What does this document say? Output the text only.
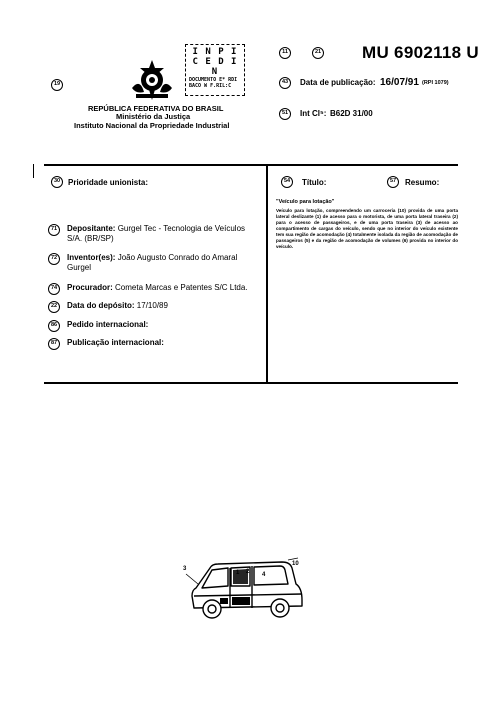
11	21 MU 6902118 U
19
REPÚBLICA FEDERATIVA DO BRASIL
Ministério da Justiça
Instituto Nacional da Propriedade Industrial
I N P I
C E D I N
DOCUMENTO E* RDI
BACO W F.RIL:C
43	Data de publicação: 16/07/91 (RPI 1079)
51	Int Cl⁵: B62D 31/00
30 Prioridade unionista:
71	Depositante: Gurgel Tec - Tecnologia de Veículos S/A. (BR/SP)
72	Inventor(es): João Augusto Conrado do Amaral Gurgel
74	Procurador: Cometa Marcas e Patentes S/C Ltda.
22	Data do depósito: 17/10/89
86	Pedido internacional:
87	Publicação internacional:
54	Título:	57	Resumo:
"Veículo para lotação"
Veículo para lotação, compreendendo um carroceria (10) provida de uma porta lateral deslizante (1) de acesso para o motorista, de uma porta lateral traseira (2) para o acesso de passageiros, e de uma porta traseira (3) de acesso ao compartimento de cargas do veículo, sendo que no interior do veículo existente tem sua região de acomodação (4) totalmente isolada da região de acomodação de passageiros (5) e da região de acomodação de volumes (6) provida no interior do veículo.
3
1 2 4
10
